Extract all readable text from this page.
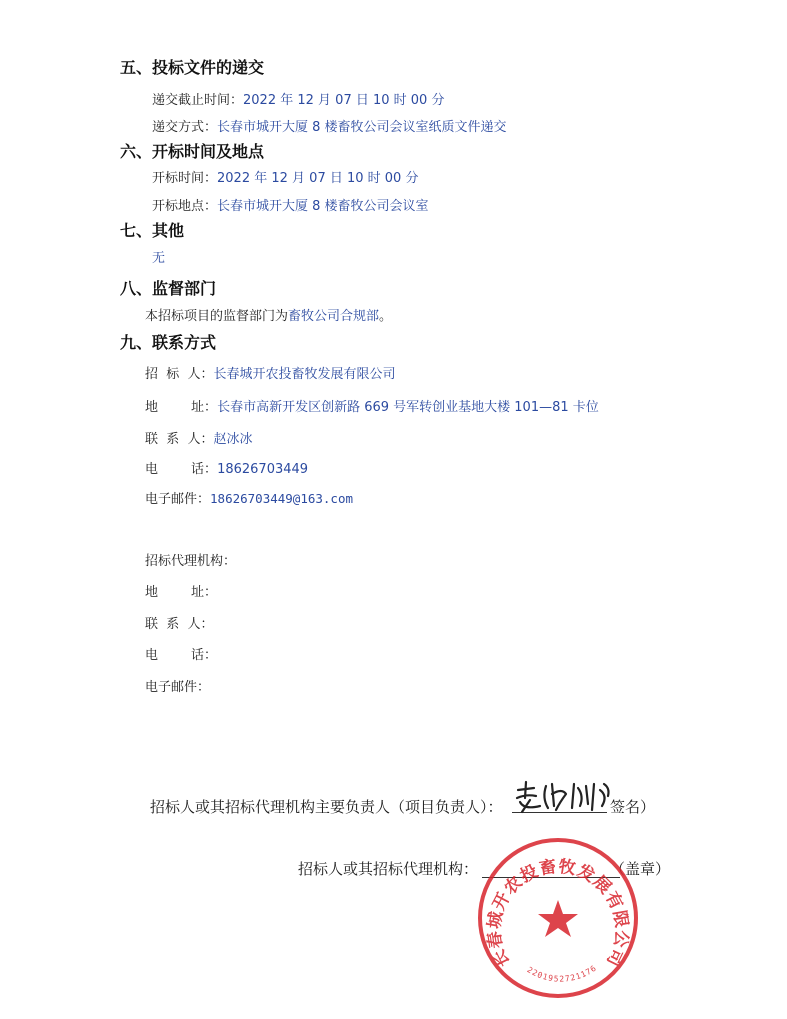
五、投标文件的递交
递交截止时间：2022 年 12 月 07 日 10 时 00 分
递交方式：长春市城开大厦 8 楼畜牧公司会议室纸质文件递交
六、开标时间及地点
开标时间：2022 年 12 月 07 日 10 时 00 分
开标地点：长春市城开大厦 8 楼畜牧公司会议室
七、其他
无
八、监督部门
本招标项目的监督部门为畜牧公司合规部。
九、联系方式
招  标  人：长春城开农投畜牧发展有限公司
地        址：长春市高新开发区创新路 669 号军转创业基地大楼 101—81 卡位
联  系  人：赵冰冰
电        话：18626703449
电子邮件：18626703449@163.com
招标代理机构：
地        址：
联  系  人：
电        话：
电子邮件：
招标人或其招标代理机构主要负责人（项目负责人）：	签名）
招标人或其招标代理机构：	（盖章）
长春城开农投畜牧发展有限公司
2201952721176
